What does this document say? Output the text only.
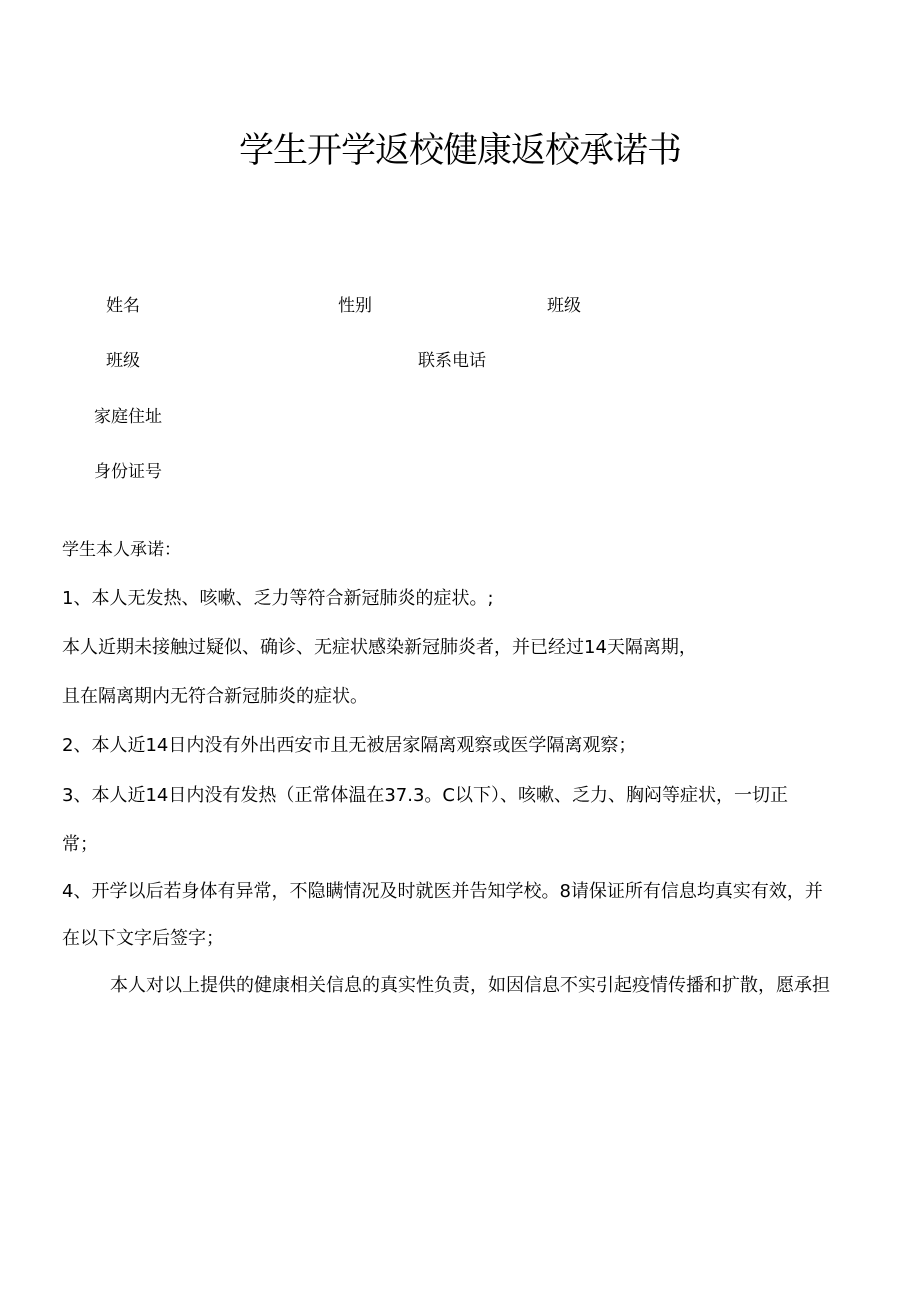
学生开学返校健康返校承诺书
姓名	性别	班级
班级	联系电话
家庭住址
身份证号
学生本人承诺：
1、本人无发热、咳嗽、乏力等符合新冠肺炎的症状。;
本人近期未接触过疑似、确诊、无症状感染新冠肺炎者，并已经过14天隔离期，
且在隔离期内无符合新冠肺炎的症状。
2、本人近14日内没有外出西安市且无被居家隔离观察或医学隔离观察；
3、本人近14日内没有发热（正常体温在37.3。C以下）、咳嗽、乏力、胸闷等症状，一切正
常；
4、开学以后若身体有异常，不隐瞒情况及时就医并告知学校。8请保证所有信息均真实有效，并
在以下文字后签字；
本人对以上提供的健康相关信息的真实性负责，如因信息不实引起疫情传播和扩散，愿承担
